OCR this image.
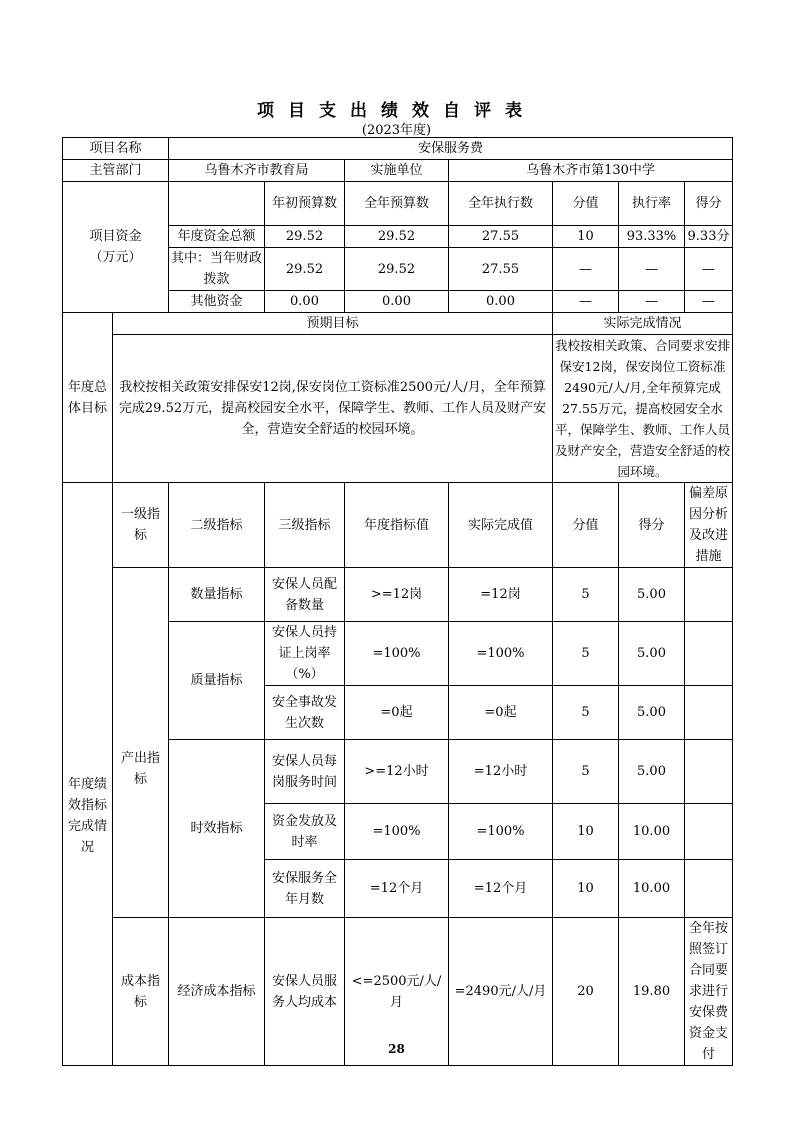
项目支出绩效自评表
(2023年度)
项目名称		安保服务费						
主管部门		乌鲁木齐市教育局		实施单位	乌鲁木齐市第130中学			
项目资金
（万元）			年初预算数	全年预算数	全年执行数	分值	执行率	得分
		年度资金总额	29.52	29.52	27.55	10	93.33%	9.33分
		其中：当年财政拨款	29.52	29.52	27.55	—	—	—
		其他资金	0.00	0.00	0.00	—	—	—
年度总体目标	预期目标					实际完成情况		
	我校按相关政策安排保安12岗,保安岗位工资标准2500元/人/月，全年预算完成29.52万元，提高校园安全水平，保障学生、教师、工作人员及财产安全，营造安全舒适的校园环境。					我校按相关政策、合同要求安排保安12岗，保安岗位工资标准2490元/人/月,全年预算完成27.55万元，提高校园安全水平，保障学生、教师、工作人员及财产安全，营造安全舒适的校园环境。		
	一级指标	二级指标	三级指标	年度指标值	实际完成值	分值	得分	偏差原因分析及改进措施
年度绩效指标完成情况		数量指标	安保人员配备数量	>=12岗	=12岗	5	5.00	
	产出指标	质量指标	安保人员持证上岗率（%）	=100%	=100%	5	5.00	
			安全事故发生次数	=0起	=0起	5	5.00	
		时效指标	安保人员每岗服务时间	>=12小时	=12小时	5	5.00	
			资金发放及时率	=100%	=100%	10	10.00	
			安保服务全年月数	=12个月	=12个月	10	10.00	
	成本指标	经济成本指标	安保人员服务人均成本	<=2500元/人/月	=2490元/人/月	20	19.80	全年按照签订合同要求进行安保费资金支付
28
